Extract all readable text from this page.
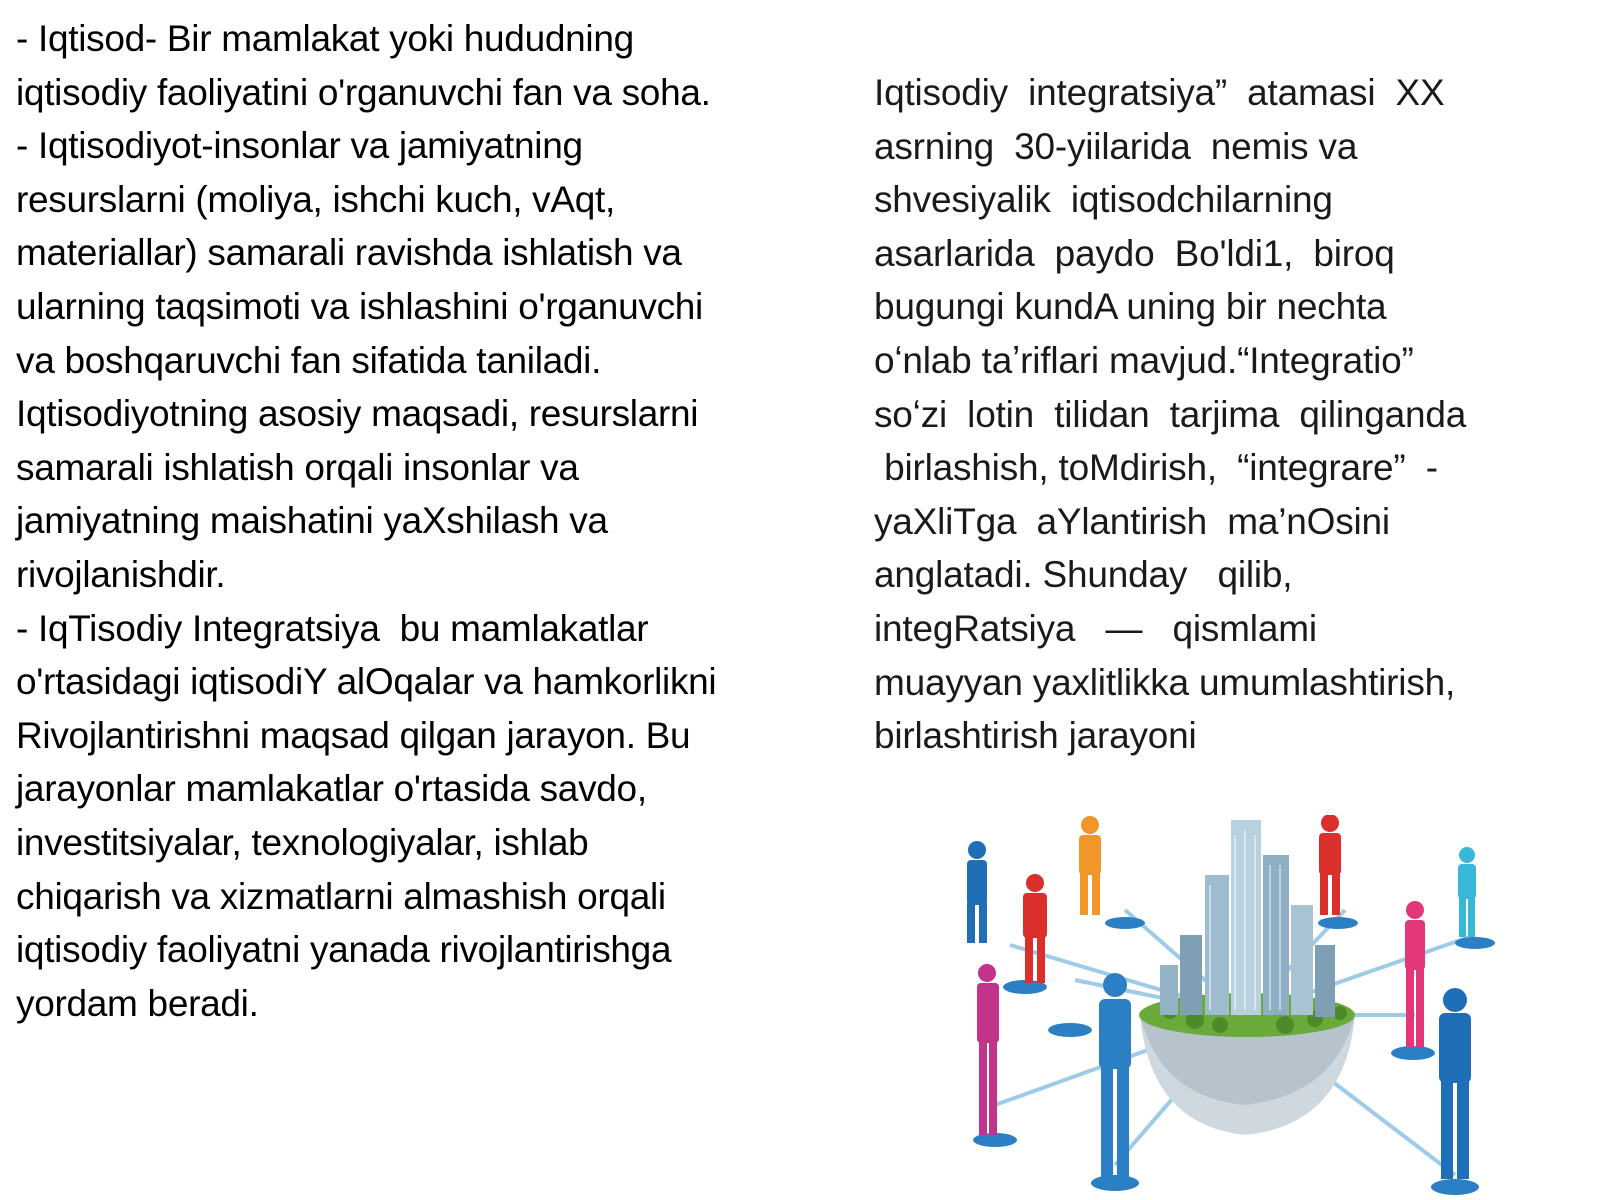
- Iqtisod- Bir mamlakat yoki hududning
iqtisodiy faoliyatini o'rganuvchi fan va soha.
- Iqtisodiyot-insonlar va jamiyatning
resurslarni (moliya, ishchi kuch, vAqt,
materiallar) samarali ravishda ishlatish va
ularning taqsimoti va ishlashini o'rganuvchi
va boshqaruvchi fan sifatida taniladi.
Iqtisodiyotning asosiy maqsadi, resurslarni
samarali ishlatish orqali insonlar va
jamiyatning maishatini yaXshilash va
rivojlanishdir.
- IqTisodiy Integratsiya  bu mamlakatlar
o'rtasidagi iqtisodiY alOqalar va hamkorlikni
Rivojlantirishni maqsad qilgan jarayon. Bu
jarayonlar mamlakatlar o'rtasida savdo,
investitsiyalar, texnologiyalar, ishlab
chiqarish va xizmatlarni almashish orqali
iqtisodiy faoliyatni yanada rivojlantirishga
yordam beradi.
Iqtisodiy  integratsiya”  atamasi  XX
asrning  30-yiilarida  nemis va
shvesiyalik  iqtisodchilarning
asarlarida  paydo  Bo'ldi1,  biroq
bugungi kundA uning bir nechta
oʻnlab taʼriflari mavjud.“Integratio”
soʻzi  lotin  tilidan  tarjima  qilinganda
birlashish, toMdirish,  “integrare”  -
yaXliTga  aYlantirish  ma’nOsini
anglatadi. Shunday   qilib,
integRatsiya   —   qismlami
muayyan yaxlitlikka umumlashtirish,
birlashtirish jarayoni
